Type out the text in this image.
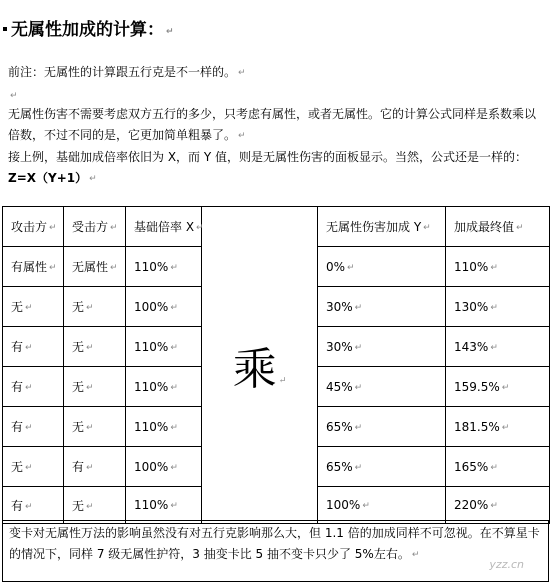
无属性加成的计算： ↵
前注：无属性的计算跟五行克是不一样的。 ↵
↵
无属性伤害不需要考虑双方五行的多少，只考虑有属性，或者无属性。它的计算公式同样是系数乘以倍数，不过不同的是，它更加简单粗暴了。 ↵
接上例，基础加成倍率依旧为 X，而 Y 值，则是无属性伤害的面板显示。当然，公式还是一样的：Z=X（Y+1） ↵
攻击方 ↵	受击方 ↵	基础倍率 X ↵	乘 ↵	无属性伤害加成 Y ↵	加成最终值 ↵
有属性 ↵	无属性 ↵	110% ↵		0% ↵	110% ↵
无 ↵	无 ↵	100% ↵		30% ↵	130% ↵
有 ↵	无 ↵	110% ↵		30% ↵	143% ↵
有 ↵	无 ↵	110% ↵		45% ↵	159.5% ↵
有 ↵	无 ↵	110% ↵		65% ↵	181.5% ↵
无 ↵	有 ↵	100% ↵		65% ↵	165% ↵
有 ↵	无 ↵	110% ↵		100% ↵	220% ↵
变卡对无属性万法的影响虽然没有对五行克影响那么大，但 1.1 倍的加成同样不可忽视。在不算星卡的情况下，同样 7 级无属性护符，3 抽变卡比 5 抽不变卡只少了 5%左右。 ↵
yzz.cn
